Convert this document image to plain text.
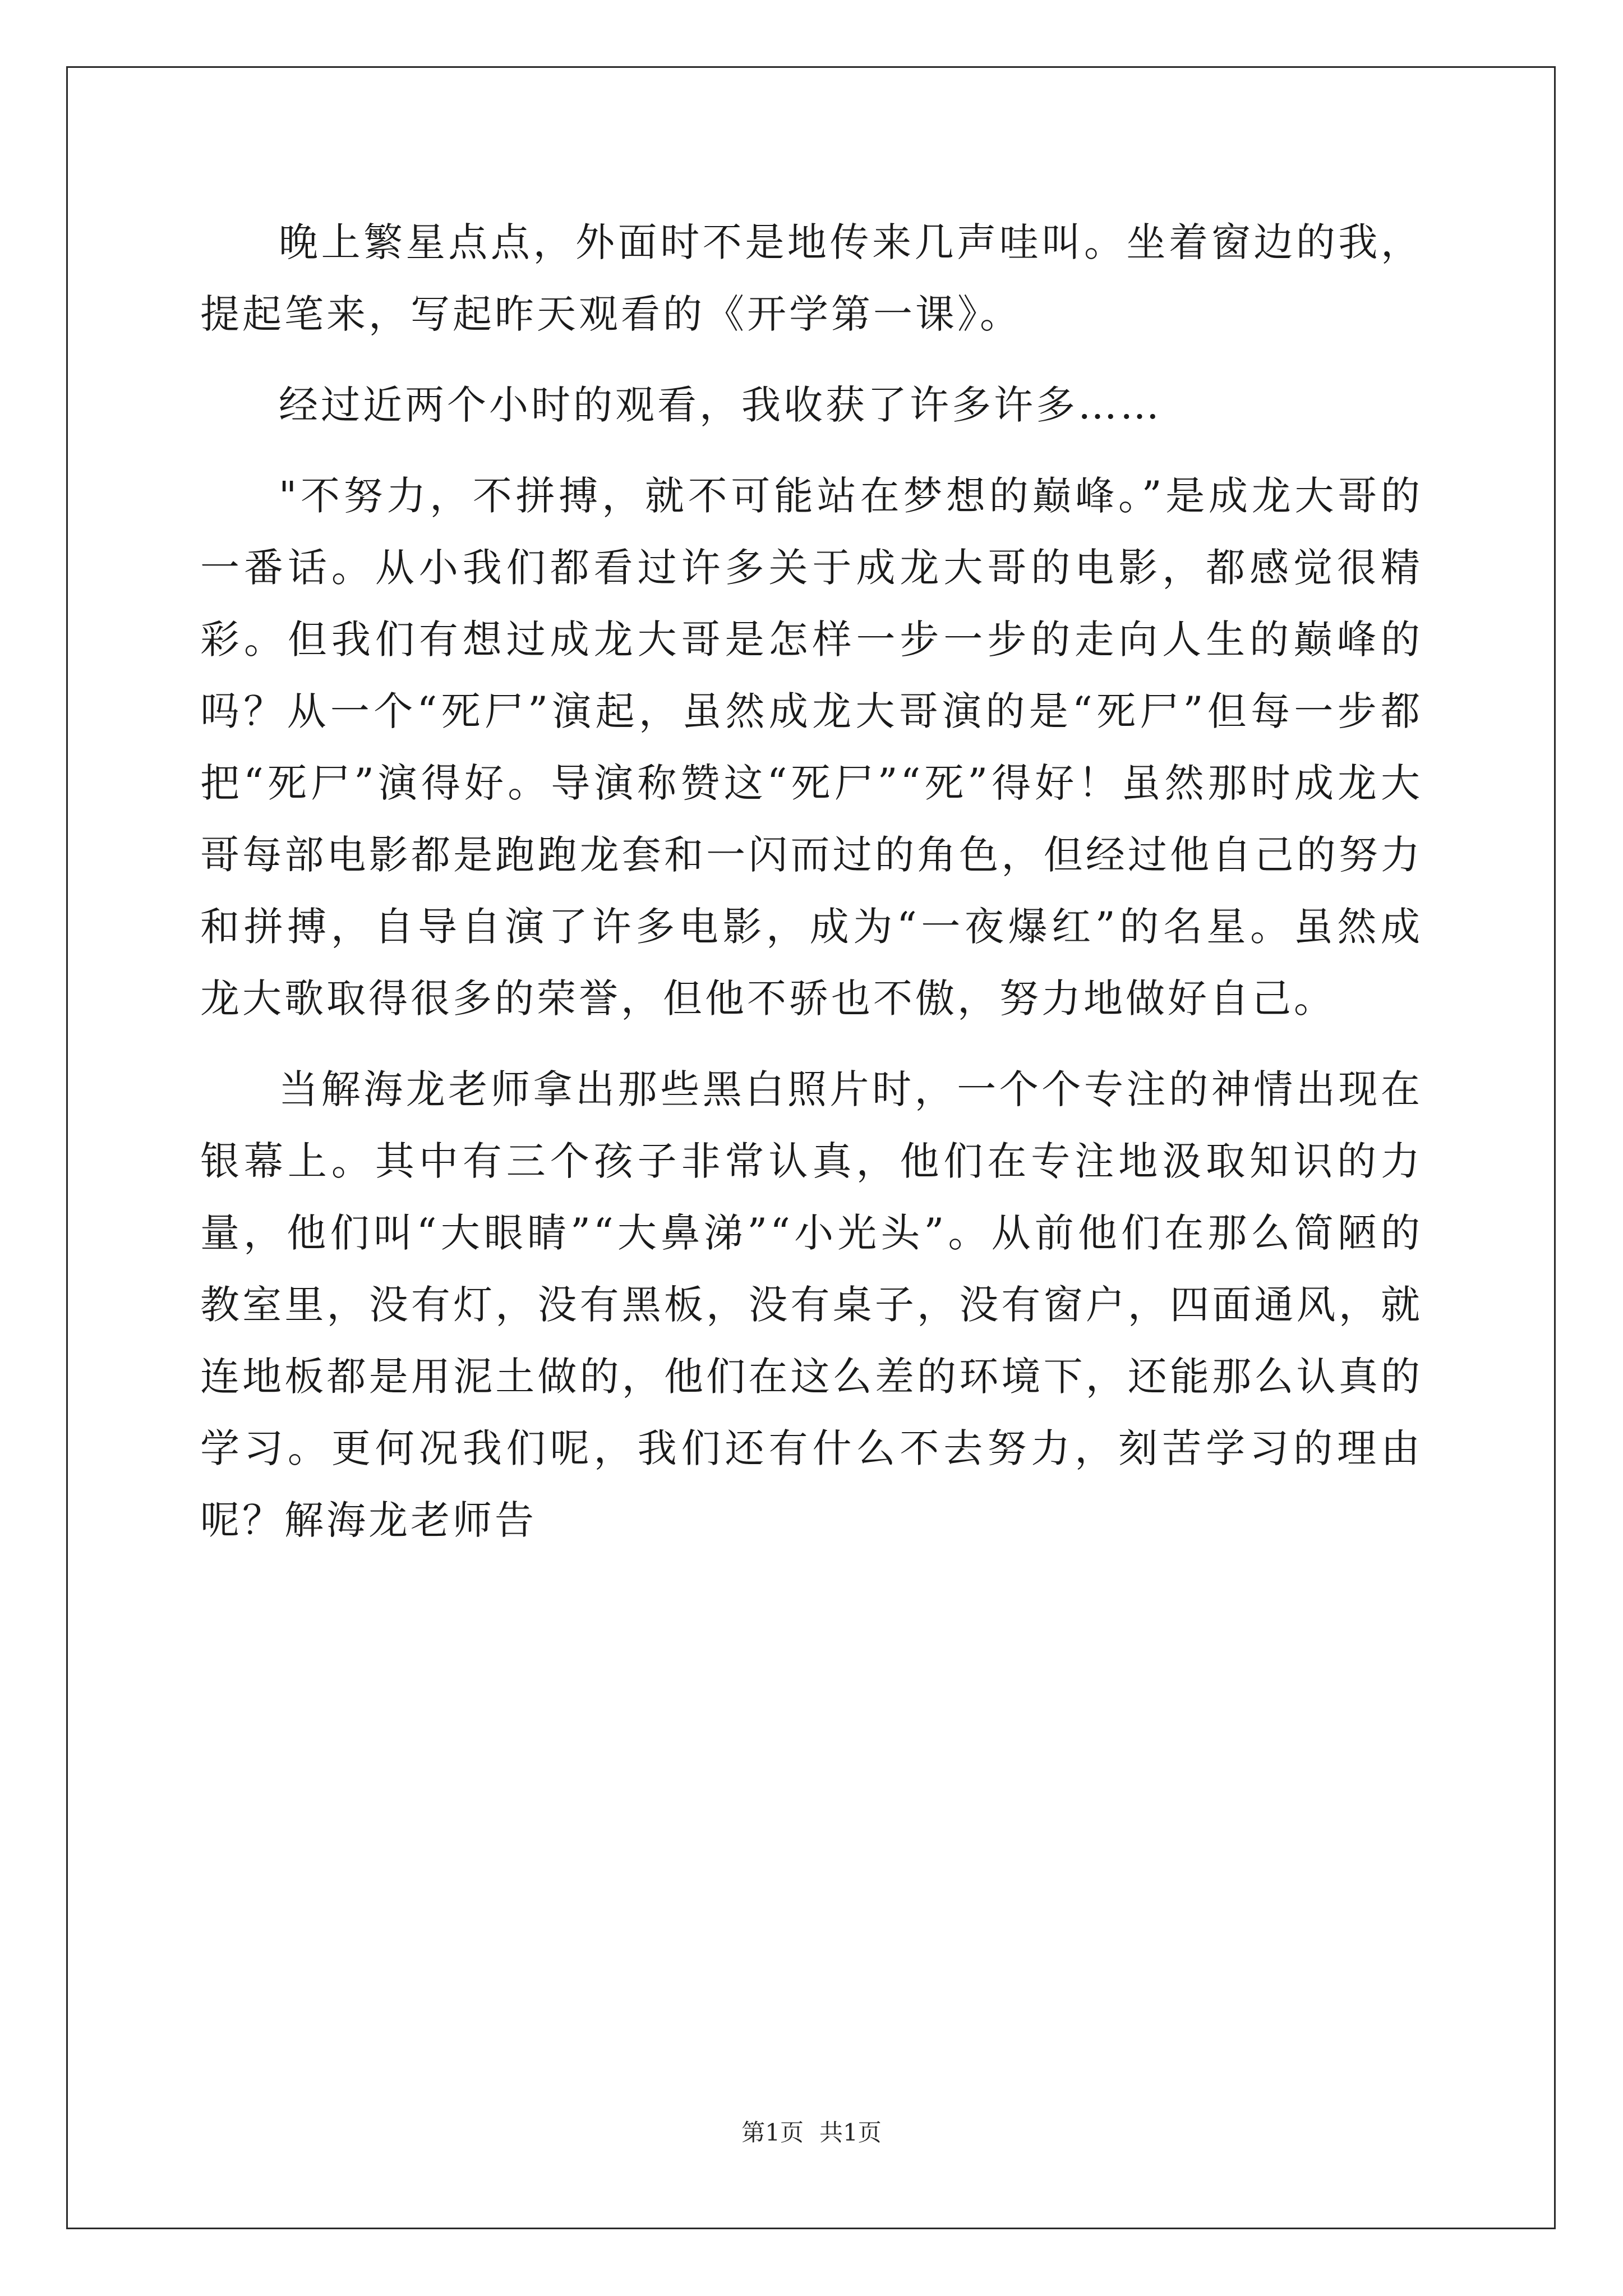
晚上繁星点点，外面时不是地传来几声哇叫。坐着窗边的我，提起笔来，写起昨天观看的《开学第一课》。

经过近两个小时的观看，我收获了许多许多……

"不努力，不拼搏，就不可能站在梦想的巅峰。”是成龙大哥的一番话。从小我们都看过许多关于成龙大哥的电影，都感觉很精彩。但我们有想过成龙大哥是怎样一步一步的走向人生的巅峰的吗？从一个“死尸”演起，虽然成龙大哥演的是“死尸”但每一步都把“死尸”演得好。导演称赞这“死尸”“死”得好！虽然那时成龙大哥每部电影都是跑跑龙套和一闪而过的角色，但经过他自己的努力和拼搏，自导自演了许多电影，成为“一夜爆红”的名星。虽然成龙大歌取得很多的荣誉，但他不骄也不傲，努力地做好自己。

当解海龙老师拿出那些黑白照片时，一个个专注的神情出现在银幕上。其中有三个孩子非常认真，他们在专注地汲取知识的力量，他们叫“大眼睛”“大鼻涕”“小光头”。从前他们在那么简陋的教室里，没有灯，没有黑板，没有桌子，没有窗户，四面通风，就连地板都是用泥土做的，他们在这么差的环境下，还能那么认真的学习。更何况我们呢，我们还有什么不去努力，刻苦学习的理由呢？解海龙老师告

第1页 共1页
